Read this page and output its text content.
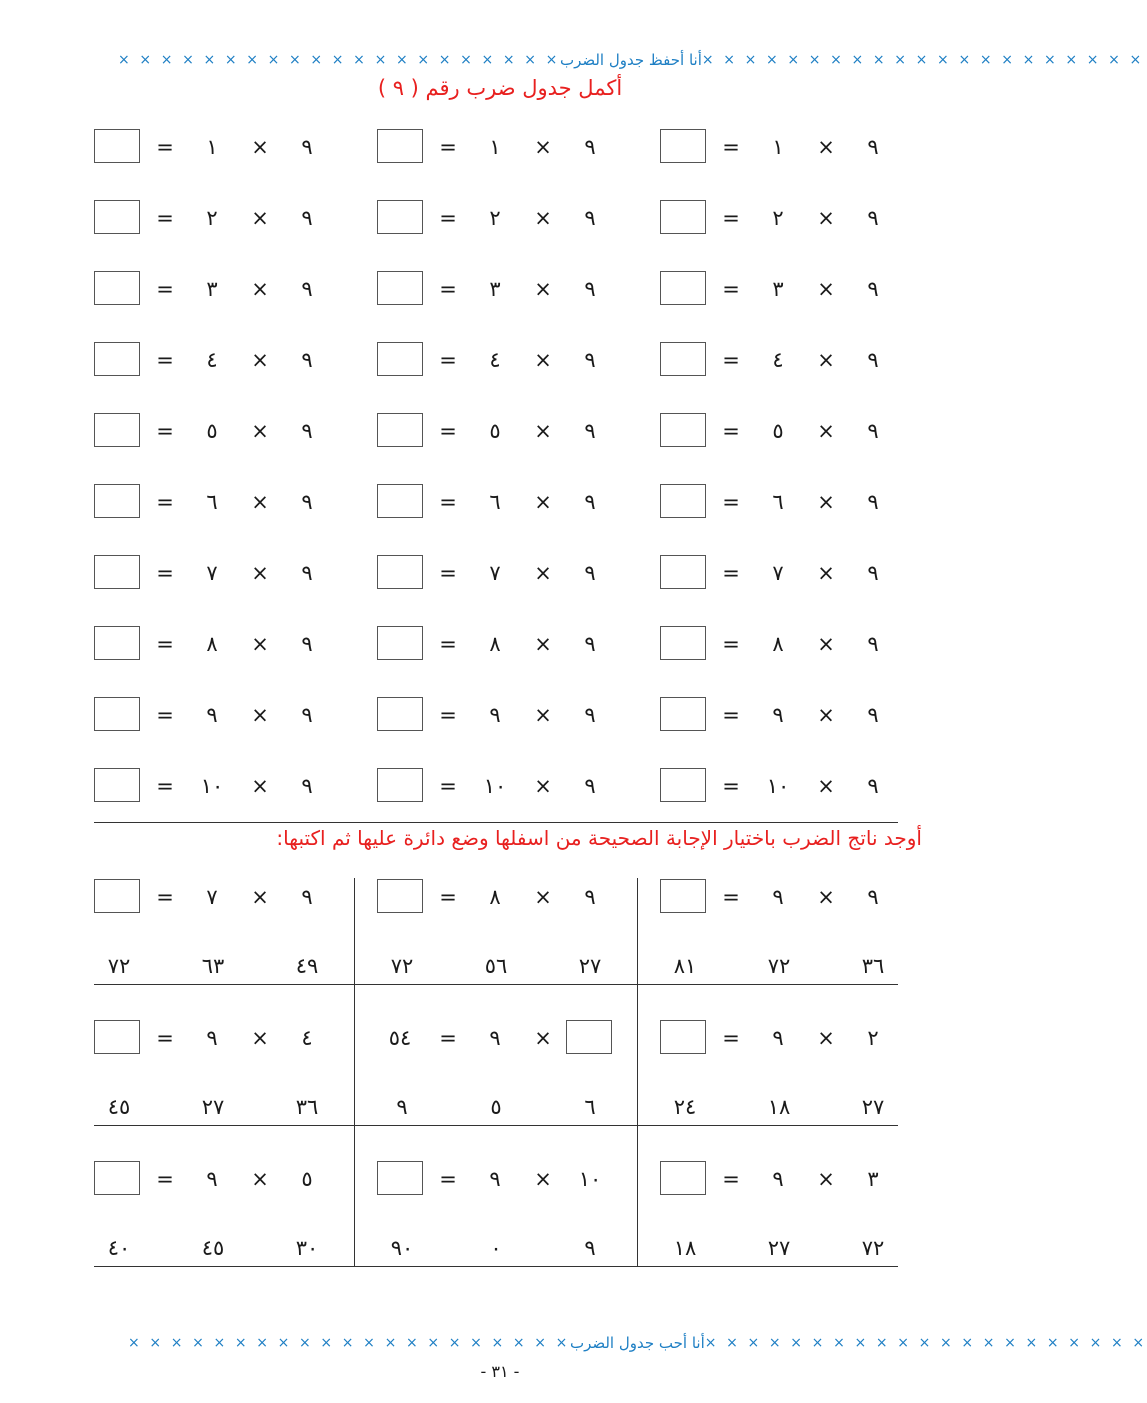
× × × × × × × × × × × × × × × × × × × × × أنا أحفظ جدول الضرب × × × × × × × × × × × × × × × × × × × × ×
أكمل جدول ضرب رقم ( ٩ )
=	١	×	٩
=	٢	×	٩
=	٣	×	٩
=	٤	×	٩
=	٥	×	٩
=	٦	×	٩
=	٧	×	٩
=	٨	×	٩
=	٩	×	٩
=	١٠	×	٩
=	١	×	٩
=	٢	×	٩
=	٣	×	٩
=	٤	×	٩
=	٥	×	٩
=	٦	×	٩
=	٧	×	٩
=	٨	×	٩
=	٩	×	٩
=	١٠	×	٩
=	١	×	٩
=	٢	×	٩
=	٣	×	٩
=	٤	×	٩
=	٥	×	٩
=	٦	×	٩
=	٧	×	٩
=	٨	×	٩
=	٩	×	٩
=	١٠	×	٩
أوجد ناتج الضرب باختيار الإجابة الصحيحة من اسفلها وضع دائرة عليها ثم اكتبها:
=	٩	×	٩
٣٦
٧٢
٨١
=	٨	×	٩
٢٧
٥٦
٧٢
=	٧	×	٩
٤٩
٦٣
٧٢
=	٩	×	٢
٢٧
١٨
٢٤
٥٤	=	٩	×
٦
٥
٩
=	٩	×	٤
٣٦
٢٧
٤٥
=	٩	×	٣
٧٢
٢٧
١٨
=	٩	×	١٠
٩
٠
٩٠
=	٩	×	٥
٣٠
٤٥
٤٠
× × × × × × × × × × × × × × × × × × × × × أنا أحب جدول الضرب × × × × × × × × × × × × × × × × × × × × ×
- ٣١ -
